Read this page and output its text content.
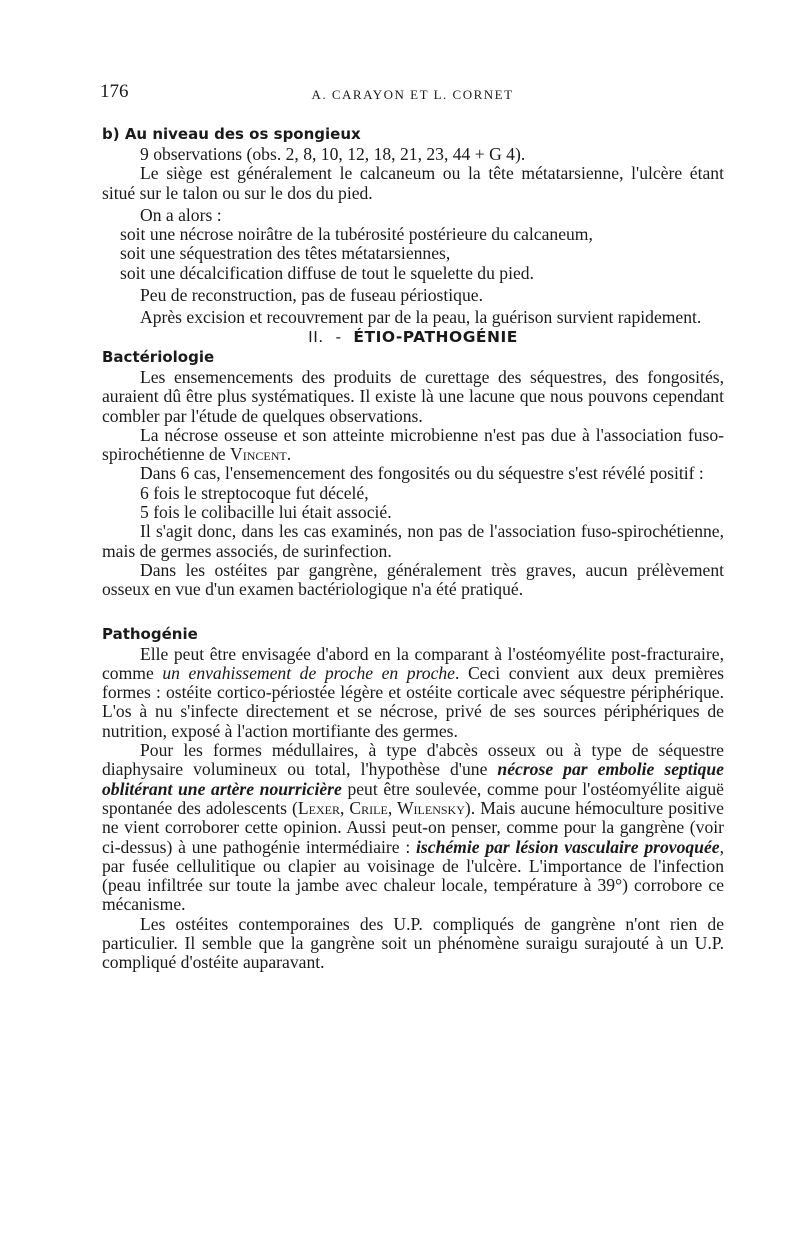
176	A. CARAYON ET L. CORNET

b) Au niveau des os spongieux

9 observations (obs. 2, 8, 10, 12, 18, 21, 23, 44 + G 4).

Le siège est généralement le calcaneum ou la tête métatarsienne, l'ulcère étant situé sur le talon ou sur le dos du pied.

On a alors :

soit une nécrose noirâtre de la tubérosité postérieure du calcaneum,

soit une séquestration des têtes métatarsiennes,

soit une décalcification diffuse de tout le squelette du pied.

Peu de reconstruction, pas de fuseau périostique.

Après excision et recouvrement par de la peau, la guérison survient rapidement.

II. - ÉTIO-PATHOGÉNIE

Bactériologie

Les ensemencements des produits de curettage des séquestres, des fongosités, auraient dû être plus systématiques. Il existe là une lacune que nous pouvons cependant combler par l'étude de quelques observations.

La nécrose osseuse et son atteinte microbienne n'est pas due à l'association fuso-spirochétienne de Vincent.

Dans 6 cas, l'ensemencement des fongosités ou du séquestre s'est révélé positif :

6 fois le streptocoque fut décelé,

5 fois le colibacille lui était associé.

Il s'agit donc, dans les cas examinés, non pas de l'association fuso-spirochétienne, mais de germes associés, de surinfection.

Dans les ostéites par gangrène, généralement très graves, aucun prélèvement osseux en vue d'un examen bactériologique n'a été pratiqué.

Pathogénie

Elle peut être envisagée d'abord en la comparant à l'ostéomyélite post-fracturaire, comme un envahissement de proche en proche. Ceci convient aux deux premières formes : ostéite cortico-périostée légère et ostéite corticale avec séquestre périphérique. L'os à nu s'infecte directement et se nécrose, privé de ses sources périphériques de nutrition, exposé à l'action mortifiante des germes.

Pour les formes médullaires, à type d'abcès osseux ou à type de séquestre diaphysaire volumineux ou total, l'hypothèse d'une nécrose par embolie septique oblitérant une artère nourricière peut être soulevée, comme pour l'ostéomyélite aiguë spontanée des adolescents (Lexer, Crile, Wilensky). Mais aucune hémoculture positive ne vient corroborer cette opinion. Aussi peut-on penser, comme pour la gangrène (voir ci-dessus) à une pathogénie intermédiaire : ischémie par lésion vasculaire provoquée, par fusée cellulitique ou clapier au voisinage de l'ulcère. L'importance de l'infection (peau infiltrée sur toute la jambe avec chaleur locale, température à 39°) corrobore ce mécanisme.

Les ostéites contemporaines des U.P. compliqués de gangrène n'ont rien de particulier. Il semble que la gangrène soit un phénomène suraigu surajouté à un U.P. compliqué d'ostéite auparavant.
